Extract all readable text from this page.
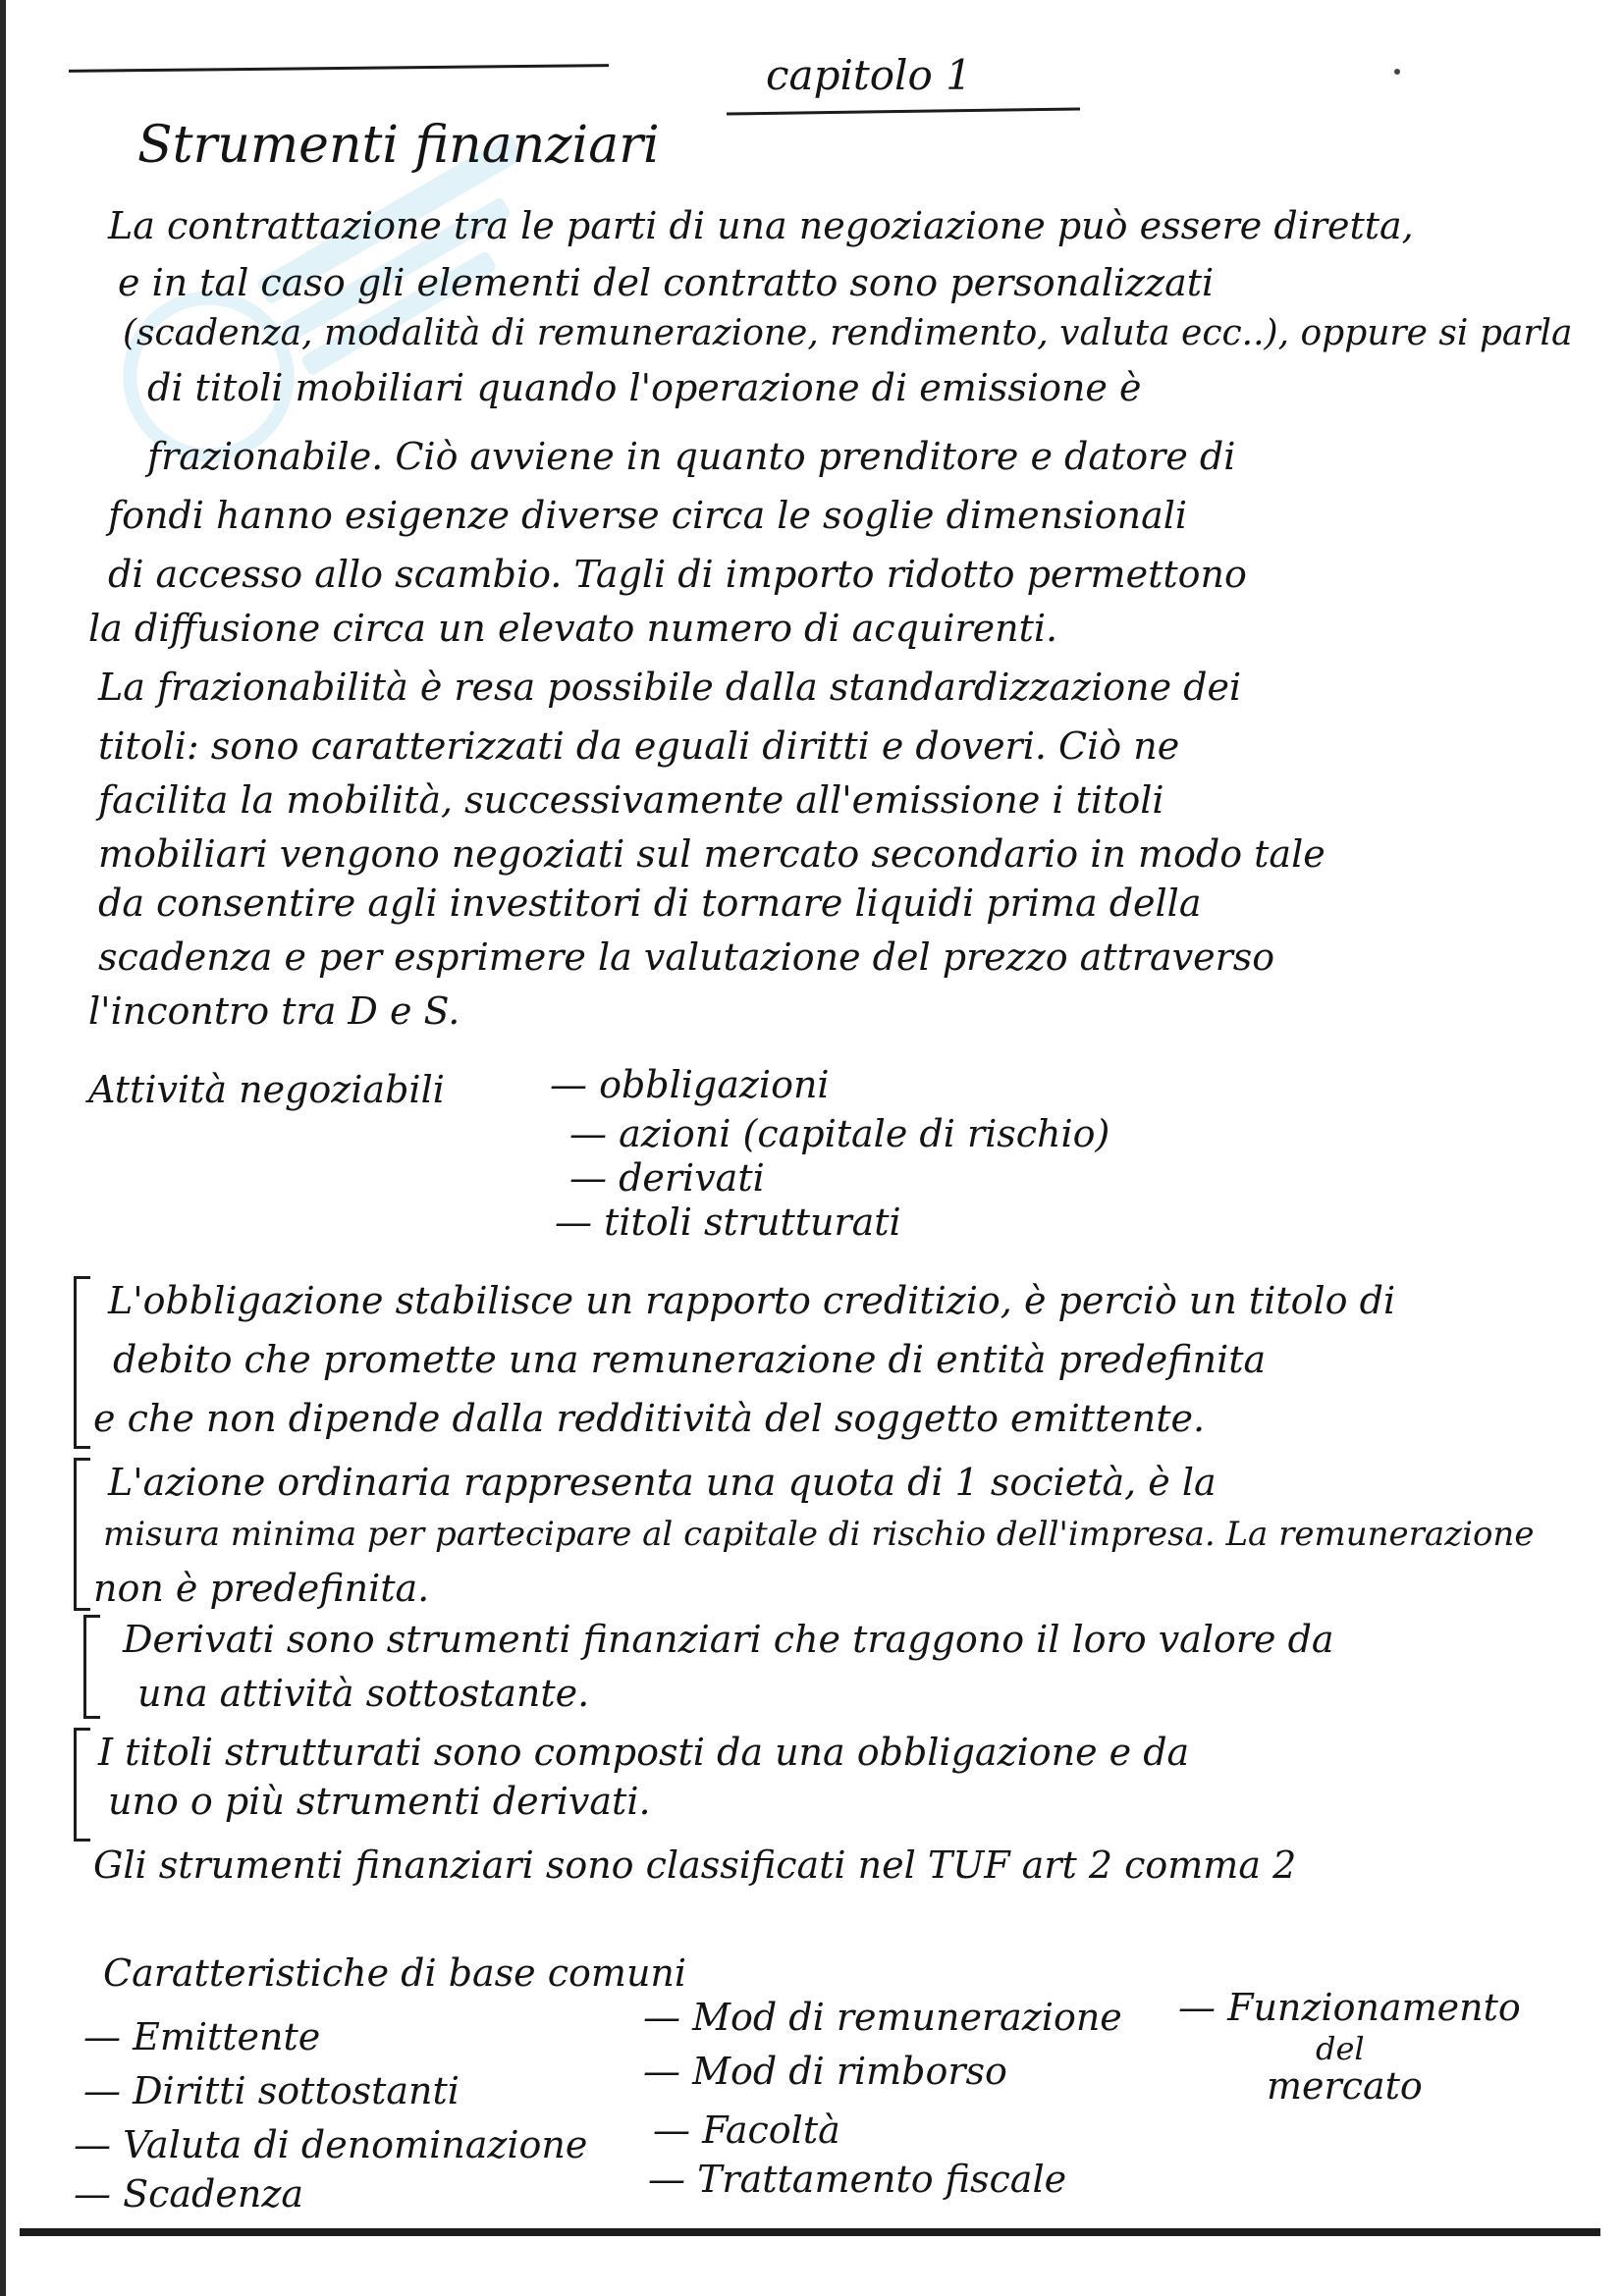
capitolo 1
Strumenti finanziari
La contrattazione tra le parti di una negoziazione può essere diretta,
e in tal caso gli elementi del contratto sono personalizzati
(scadenza, modalità di remunerazione, rendimento, valuta ecc..), oppure si parla
di titoli mobiliari quando l'operazione di emissione è
frazionabile. Ciò avviene in quanto prenditore e datore di
fondi hanno esigenze diverse circa le soglie dimensionali
di accesso allo scambio. Tagli di importo ridotto permettono
la diffusione circa un elevato numero di acquirenti.
La frazionabilità è resa possibile dalla standardizzazione dei
titoli: sono caratterizzati da eguali diritti e doveri. Ciò ne
facilita la mobilità, successivamente all'emissione i titoli
mobiliari vengono negoziati sul mercato secondario in modo tale
da consentire agli investitori di tornare liquidi prima della
scadenza e per esprimere la valutazione del prezzo attraverso
l'incontro tra D e S.
Attività negoziabili	— obbligazioni
— azioni (capitale di rischio)
— derivati
— titoli strutturati
L'obbligazione stabilisce un rapporto creditizio, è perciò un titolo di
debito che promette una remunerazione di entità predefinita
e che non dipende dalla redditività del soggetto emittente.
L'azione ordinaria rappresenta una quota di 1 società, è la
misura minima per partecipare al capitale di rischio dell'impresa. La remunerazione
non è predefinita.
Derivati sono strumenti finanziari che traggono il loro valore da
una attività sottostante.
I titoli strutturati sono composti da una obbligazione e da
uno o più strumenti derivati.
Gli strumenti finanziari sono classificati nel TUF art 2 comma 2
Caratteristiche di base comuni
— Emittente
— Diritti sottostanti
— Valuta di denominazione
— Scadenza
— Mod di remunerazione
— Mod di rimborso
— Facoltà
— Trattamento fiscale
— Funzionamento
del
mercato
